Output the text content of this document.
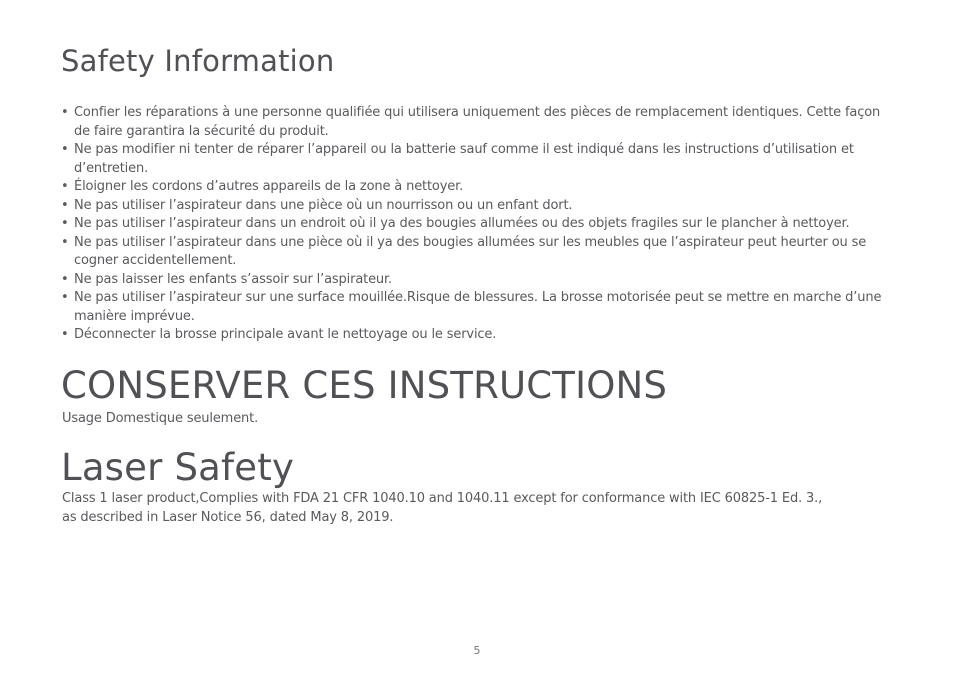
Safety Information
• Confier les réparations à une personne qualifiée qui utilisera uniquement des pièces de remplacement identiques. Cette façon de faire garantira la sécurité du produit.
• Ne pas modifier ni tenter de réparer l’appareil ou la batterie sauf comme il est indiqué dans les instructions d’utilisation et d’entretien.
• Éloigner les cordons d’autres appareils de la zone à nettoyer.
• Ne pas utiliser l’aspirateur dans une pièce où un nourrisson ou un enfant dort.
• Ne pas utiliser l’aspirateur dans un endroit où il ya des bougies allumées ou des objets fragiles sur le plancher à nettoyer.
• Ne pas utiliser l’aspirateur dans une pièce où il ya des bougies allumées sur les meubles que l’aspirateur peut heurter ou se cogner accidentellement.
• Ne pas laisser les enfants s’assoir sur l’aspirateur.
• Ne pas utiliser l’aspirateur sur une surface mouillée.Risque de blessures. La brosse motorisée peut se mettre en marche d’une manière imprévue.
• Déconnecter la brosse principale avant le nettoyage ou le service.
CONSERVER CES INSTRUCTIONS

Usage Domestique seulement.

Laser Safety

Class 1 laser product,Complies with FDA 21 CFR 1040.10 and 1040.11 except for conformance with IEC 60825-1 Ed. 3.,
as described in Laser Notice 56, dated May 8, 2019.

5
